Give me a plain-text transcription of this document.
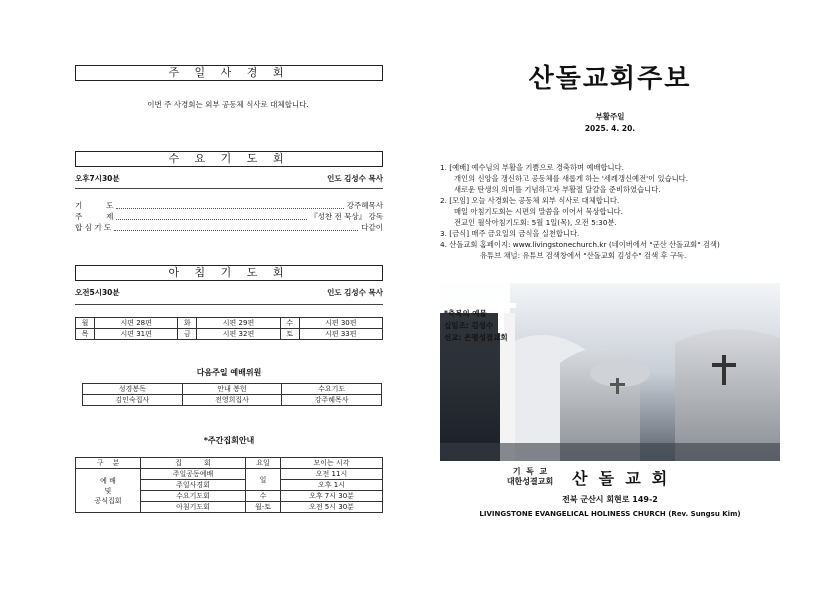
주 일 사 경 회
이번 주 사경회는 외부 공동체 식사로 대체합니다.
수 요 기 도 회
오후7시30분	인도 김성수 목사
기          도	강주혜목사
주          제	『성찬 전 묵상』 강독
합 심 기 도	다같이
아 침 기 도 회
오전5시30분	인도 김성수 목사
월	시편 28편	화	시편 29편	수	시편 30편
목	시편 31편	금	시편 32편	토	시편 33편
다음주일 예배위원
성경봉독	안내 봉헌	수요기도
김인숙집사	전영희집사	강주혜목사
*주간집회안내
구    분	집          회	요일	모이는 시각

예 배
및
공식집회	주일공동예배	일	오전 11시
	주일사경회		오후 1시
	수요기도회	수	오후 7시 30분
	아침기도회	월-토	오전 5시 30분
산돌교회주보
부활주일
2025. 4. 20.
1. [예배] 예수님의 부활을 기쁨으로 경축하며 예배합니다.
개인의 신앙을 갱신하고 공동체를 새롭게 하는 '세례갱신예전'이 있습니다.
새로운 탄생의 의미를 기념하고자 부활절 달걀을 준비하였습니다.
2. [모임] 오늘 사경회는 공동체 외부 식사로 대체합니다.
매일 아침기도회는 시편의 말씀을 이어서 묵상합니다.
전교인 월삭아침기도회: 5월 1일(목), 오전 5:30분.
3. [금식] 매주 금요일의 금식을 실천합니다.
4. 산돌교회 홈페이지: www.livingstonechurch.kr (네이버에서 "군산 산돌교회" 검색)
유튜브 채널: 유튜브 검색창에서 "산돌교회 김성수" 검색 후 구독.
*축복의 예물
십일조: 김성수
선교: 은평성결교회
기  독  교
대한성결교회	산  돌  교  회
전북 군산시 회현로 149-2
LIVINGSTONE EVANGELICAL HOLINESS CHURCH (Rev. Sungsu Kim)
